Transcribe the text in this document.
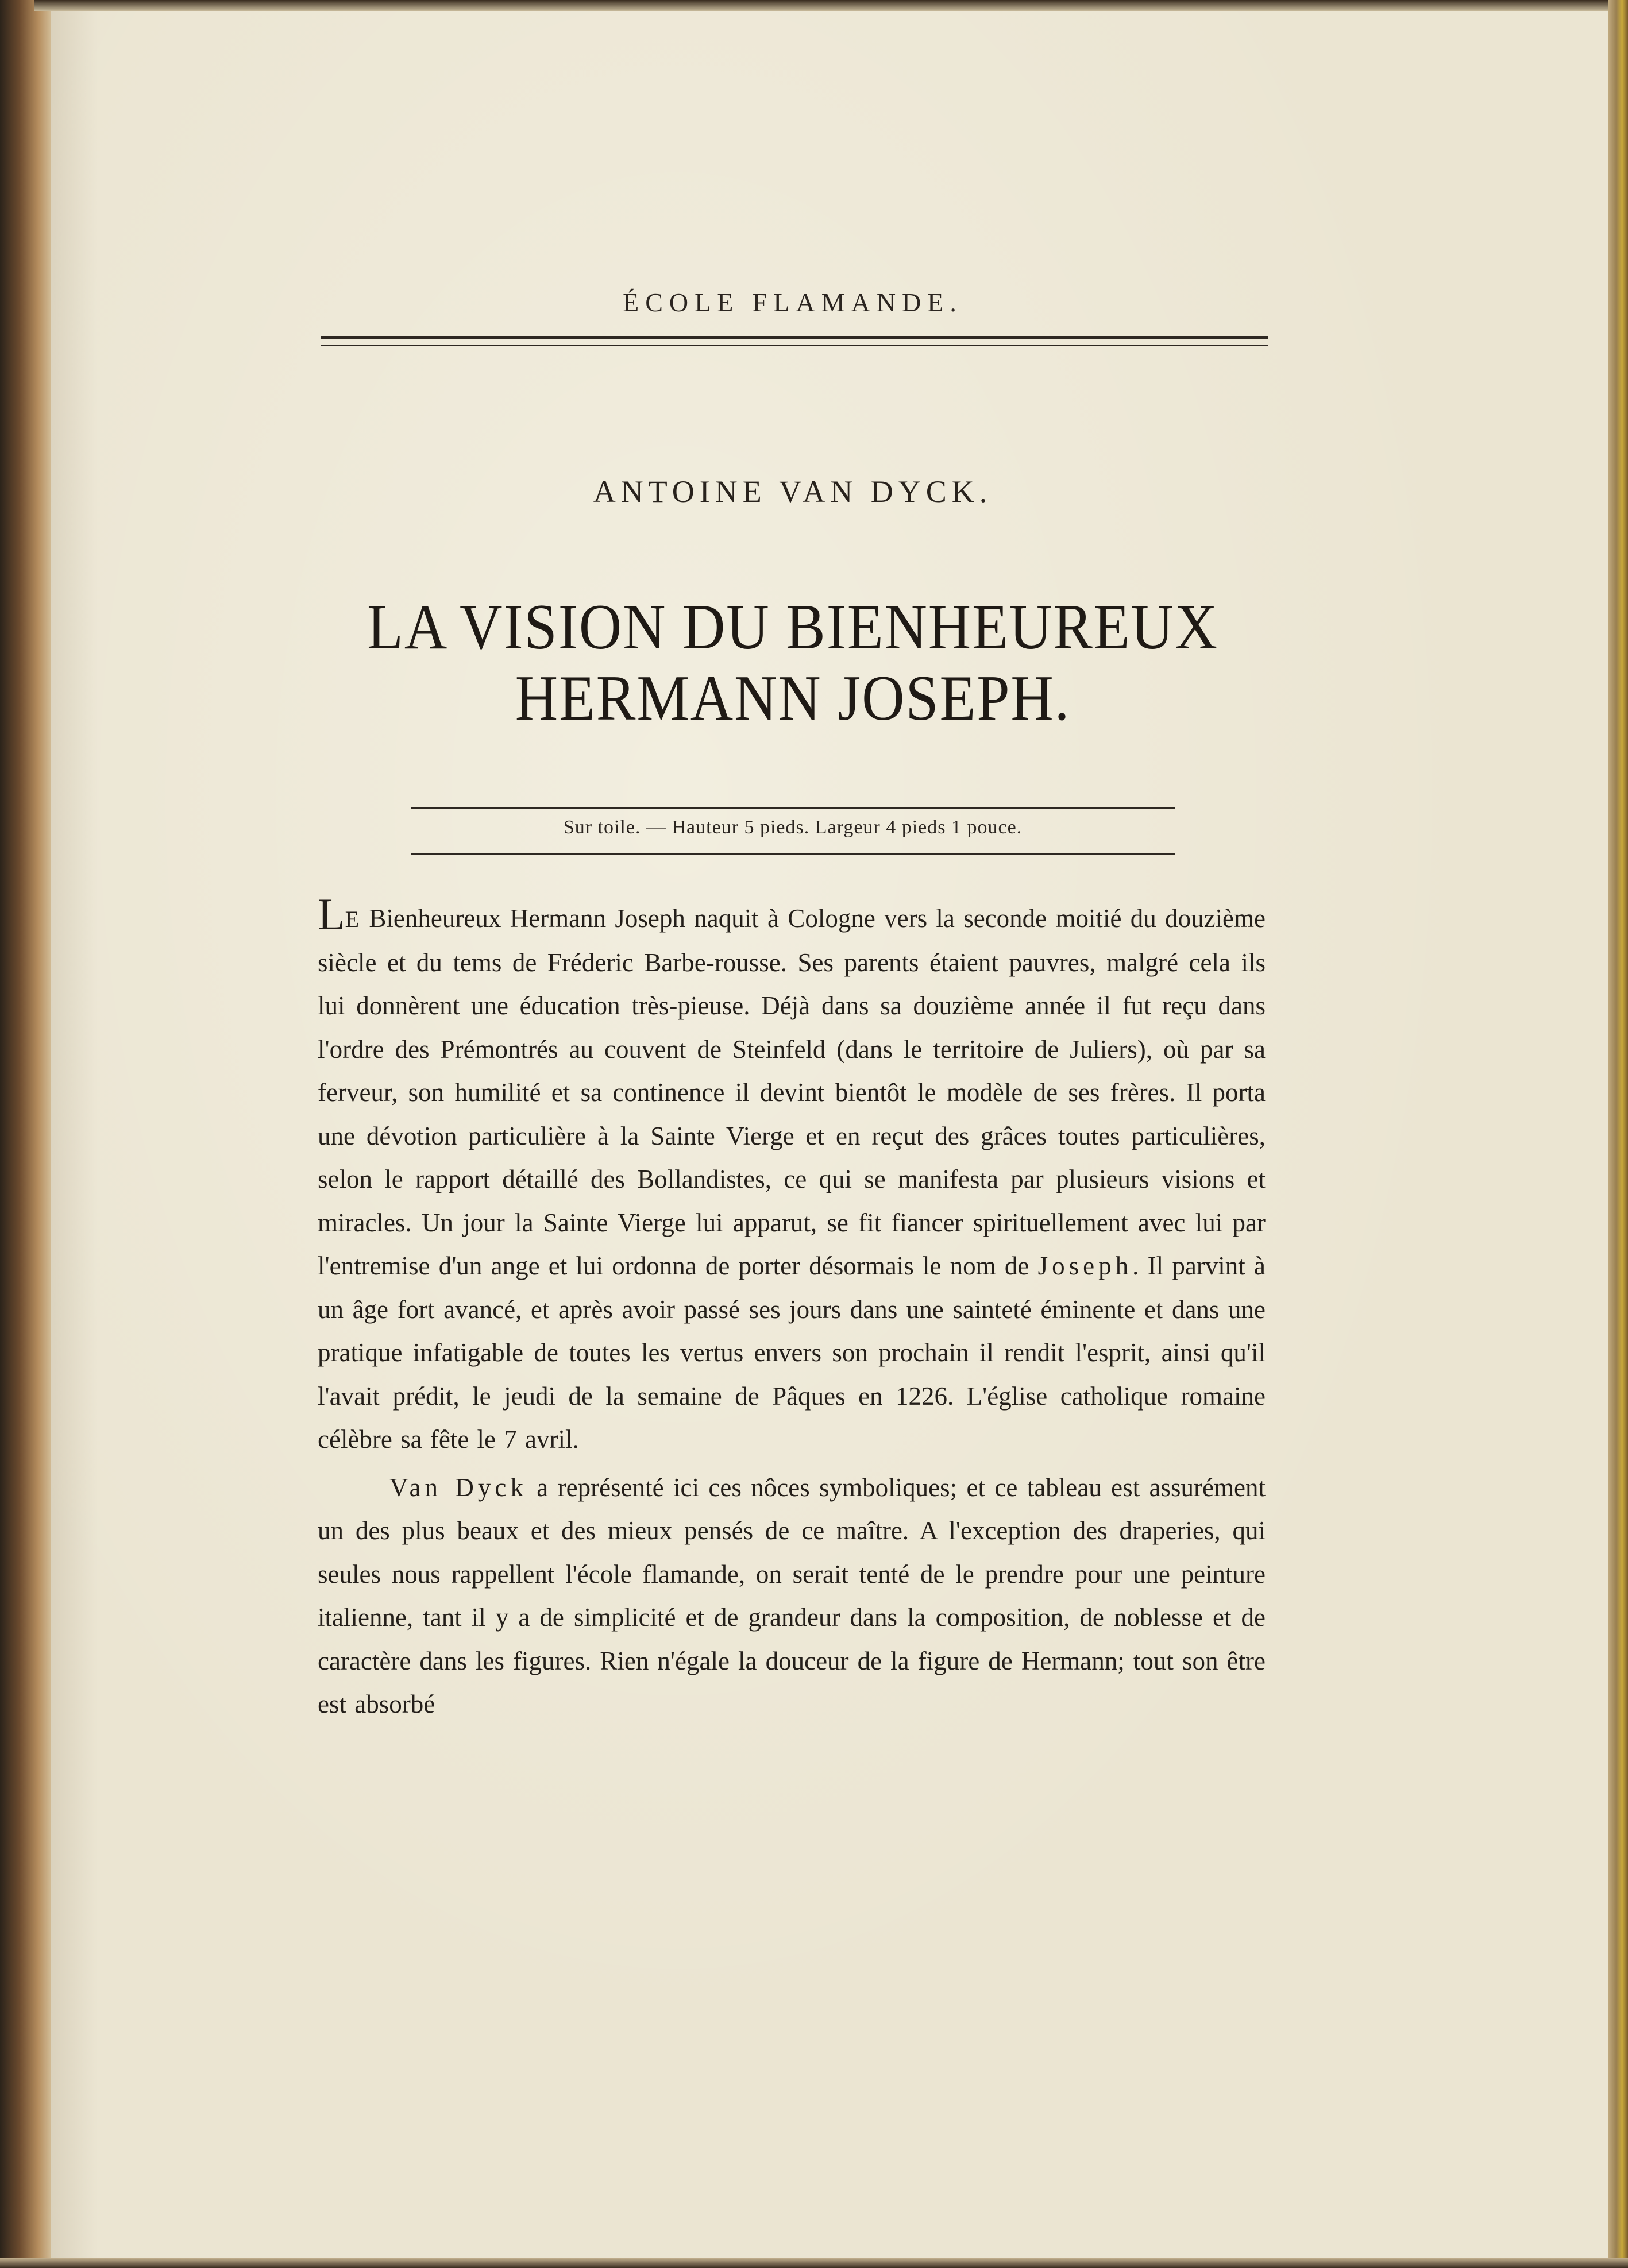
ÉCOLE FLAMANDE.
ANTOINE VAN DYCK.
LA VISION DU BIENHEUREUX
HERMANN JOSEPH.
Sur toile. — Hauteur 5 pieds. Largeur 4 pieds 1 pouce.

LE Bienheureux Hermann Joseph naquit à Cologne vers la seconde moitié du douzième siècle et du tems de Fréderic Barbe-rousse. Ses parents étaient pauvres, malgré cela ils lui donnèrent une éducation très-pieuse. Déjà dans sa douzième année il fut reçu dans l'ordre des Prémontrés au couvent de Steinfeld (dans le territoire de Juliers), où par sa ferveur, son humilité et sa continence il devint bientôt le modèle de ses frères. Il porta une dévotion particulière à la Sainte Vierge et en reçut des grâces toutes particulières, selon le rapport détaillé des Bollandistes, ce qui se manifesta par plusieurs visions et miracles. Un jour la Sainte Vierge lui apparut, se fit fiancer spirituellement avec lui par l'entremise d'un ange et lui ordonna de porter désormais le nom de Joseph. Il parvint à un âge fort avancé, et après avoir passé ses jours dans une sainteté éminente et dans une pratique infatigable de toutes les vertus envers son prochain il rendit l'esprit, ainsi qu'il l'avait prédit, le jeudi de la semaine de Pâques en 1226. L'église catholique romaine célèbre sa fête le 7 avril.

Van Dyck a représenté ici ces nôces symboliques; et ce tableau est assurément un des plus beaux et des mieux pensés de ce maître. A l'exception des draperies, qui seules nous rappellent l'école flamande, on serait tenté de le prendre pour une peinture italienne, tant il y a de simplicité et de grandeur dans la composition, de noblesse et de caractère dans les figures. Rien n'égale la douceur de la figure de Hermann; tout son être est absorbé
